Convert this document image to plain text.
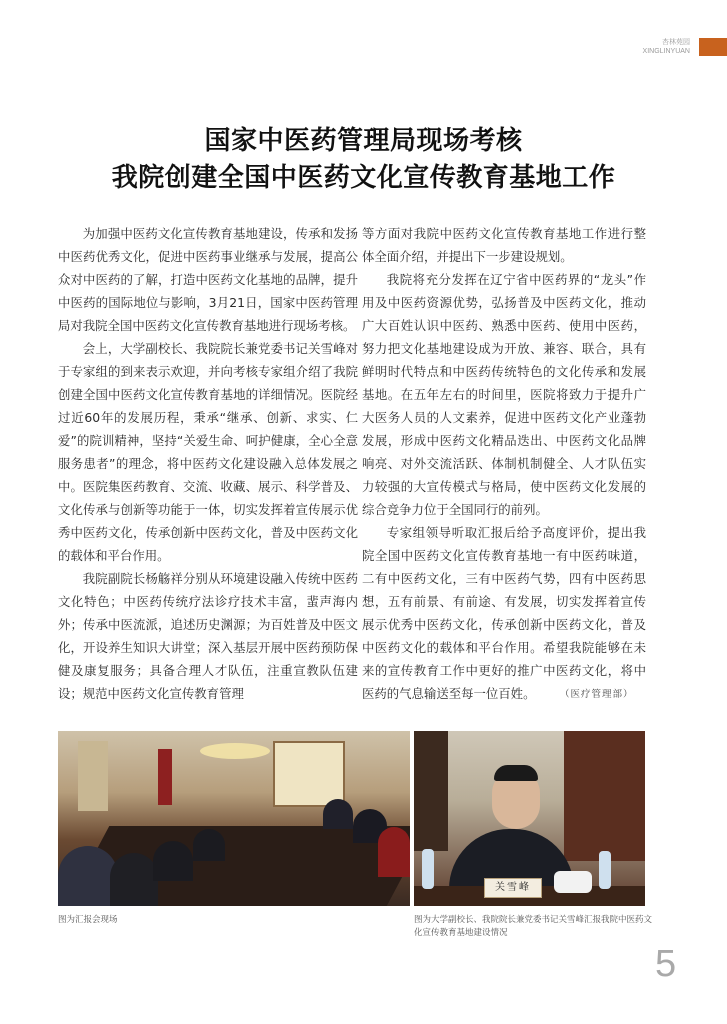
杏林苑园
XINGLINYUAN
国家中医药管理局现场考核
我院创建全国中医药文化宣传教育基地工作

为加强中医药文化宣传教育基地建设，传承和发扬中医药优秀文化，促进中医药事业继承与发展，提高公众对中医药的了解，打造中医药文化基地的品牌，提升中医药的国际地位与影响，3月21日，国家中医药管理局对我院全国中医药文化宣传教育基地进行现场考核。

会上，大学副校长、我院院长兼党委书记关雪峰对于专家组的到来表示欢迎，并向考核专家组介绍了我院创建全国中医药文化宣传教育基地的详细情况。医院经过近60年的发展历程，秉承“继承、创新、求实、仁爱”的院训精神，坚持“关爱生命、呵护健康，全心全意服务患者”的理念，将中医药文化建设融入总体发展之中。医院集医药教育、交流、收藏、展示、科学普及、文化传承与创新等功能于一体，切实发挥着宣传展示优秀中医药文化，传承创新中医药文化，普及中医药文化的载体和平台作用。

我院副院长杨觞祥分别从环境建设融入传统中医药文化特色；中医药传统疗法诊疗技术丰富，蜚声海内外；传承中医流派，追述历史渊源；为百姓普及中医文化，开设养生知识大讲堂；深入基层开展中医药预防保健及康复服务；具备合理人才队伍，注重宣教队伍建设；规范中医药文化宣传教育管理

等方面对我院中医药文化宣传教育基地工作进行整体全面介绍，并提出下一步建设规划。

我院将充分发挥在辽宁省中医药界的“龙头”作用及中医药资源优势，弘扬普及中医药文化，推动广大百姓认识中医药、熟悉中医药、使用中医药，努力把文化基地建设成为开放、兼容、联合，具有鲜明时代特点和中医药传统特色的文化传承和发展基地。在五年左右的时间里，医院将致力于提升广大医务人员的人文素养，促进中医药文化产业蓬勃发展，形成中医药文化精品迭出、中医药文化品牌响亮、对外交流活跃、体制机制健全、人才队伍实力较强的大宣传模式与格局，使中医药文化发展的综合竞争力位于全国同行的前列。

专家组领导听取汇报后给予高度评价，提出我院全国中医药文化宣传教育基地一有中医药味道，二有中医药文化，三有中医药气势，四有中医药思想，五有前景、有前途、有发展，切实发挥着宣传展示优秀中医药文化，传承创新中医药文化，普及中医药文化的载体和平台作用。希望我院能够在未来的宣传教育工作中更好的推广中医药文化，将中医药的气息输送至每一位百姓。	（医疗管理部）
关雪峰
图为汇报会现场	图为大学副校长、我院院长兼党委书记关雪峰汇报我院中医药文化宣传教育基地建设情况
5
